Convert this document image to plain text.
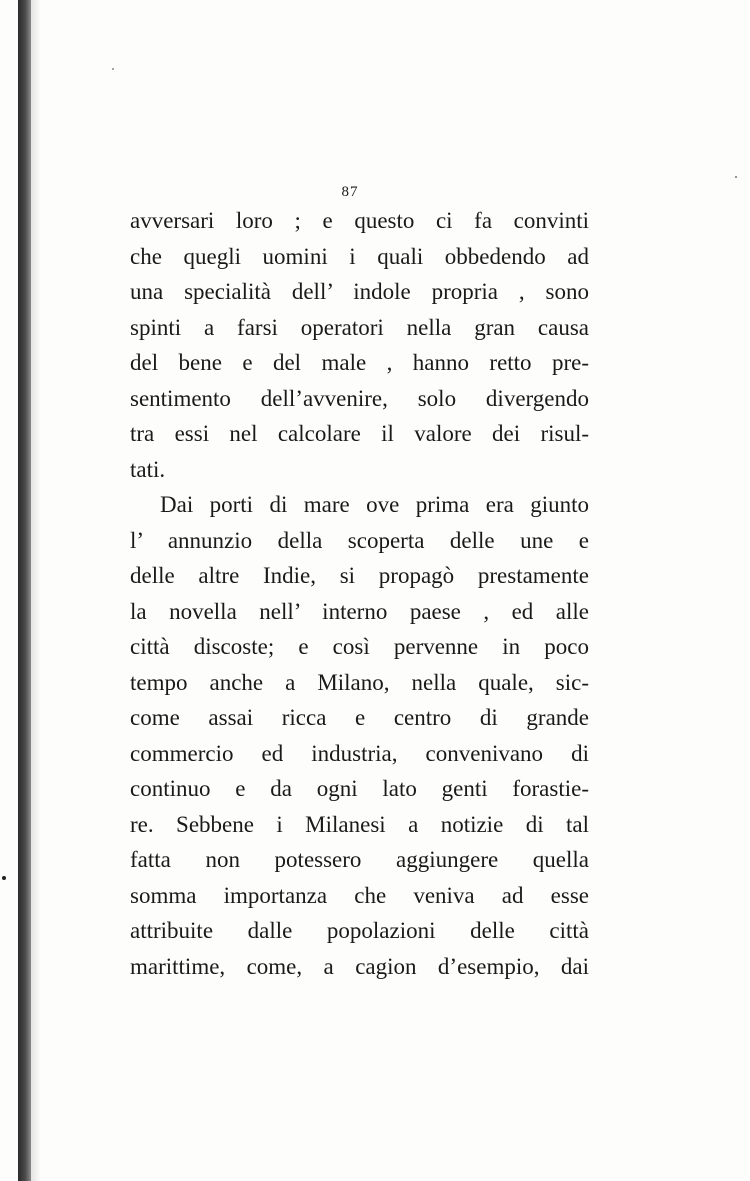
87
avversari loro ; e questo ci fa convinti
che quegli uomini i quali obbedendo ad
una specialità dell’ indole propria , sono
spinti a farsi operatori nella gran causa
del bene e del male , hanno retto pre-
sentimento dell’avvenire, solo divergendo
tra essi nel calcolare il valore dei risul-
tati.
Dai porti di mare ove prima era giunto
l’ annunzio della scoperta delle une e
delle altre Indie, si propagò prestamente
la novella nell’ interno paese , ed alle
città discoste; e così pervenne in poco
tempo anche a Milano, nella quale, sic-
come assai ricca e centro di grande
commercio ed industria, convenivano di
continuo e da ogni lato genti forastie-
re. Sebbene i Milanesi a notizie di tal
fatta non potessero aggiungere quella
somma importanza che veniva ad esse
attribuite dalle popolazioni delle città
marittime, come, a cagion d’esempio, dai
